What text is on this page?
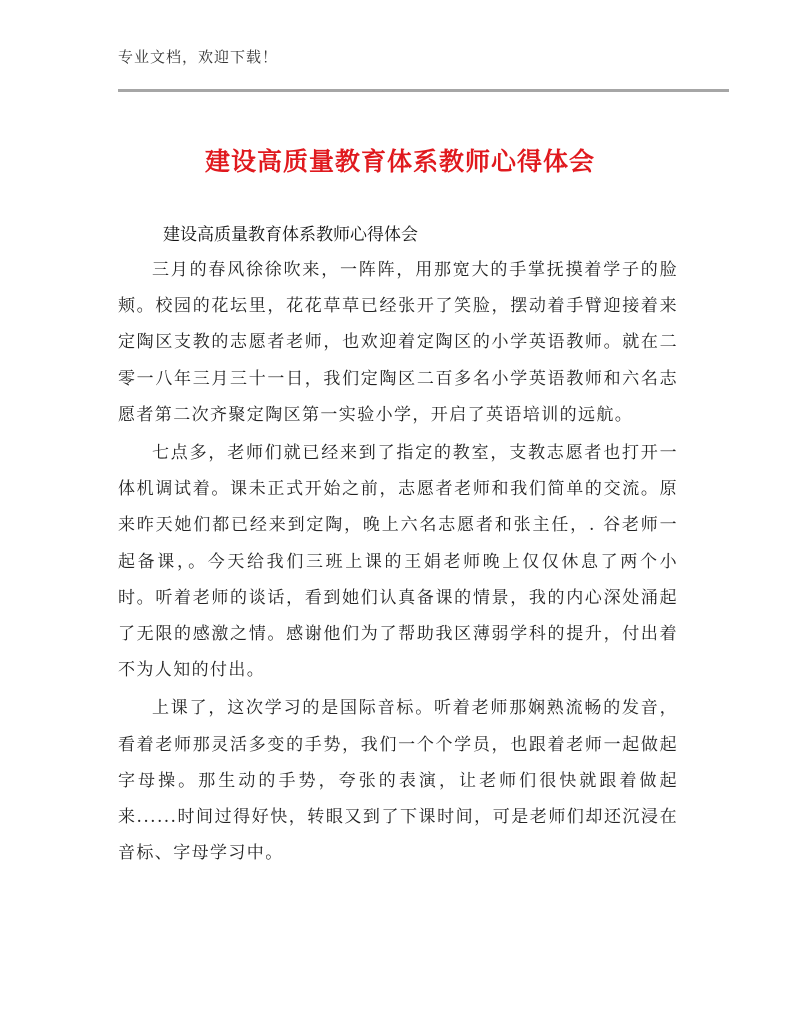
专业文档，欢迎下载！
建设高质量教育体系教师心得体会
建设高质量教育体系教师心得体会

三月的春风徐徐吹来，一阵阵，用那宽大的手掌抚摸着学子的脸颊。校园的花坛里，花花草草已经张开了笑脸，摆动着手臂迎接着来定陶区支教的志愿者老师，也欢迎着定陶区的小学英语教师。就在二零一八年三月三十一日，我们定陶区二百多名小学英语教师和六名志愿者第二次齐聚定陶区第一实验小学，开启了英语培训的远航。

七点多，老师们就已经来到了指定的教室，支教志愿者也打开一体机调试着。课未正式开始之前，志愿者老师和我们简单的交流。原来昨天她们都已经来到定陶，晚上六名志愿者和张主任，. 谷老师一起备课，。今天给我们三班上课的王娟老师晚上仅仅休息了两个小时。听着老师的谈话，看到她们认真备课的情景，我的内心深处涌起了无限的感激之情。感谢他们为了帮助我区薄弱学科的提升，付出着不为人知的付出。

上课了，这次学习的是国际音标。听着老师那娴熟流畅的发音，看着老师那灵活多变的手势，我们一个个学员，也跟着老师一起做起字母操。那生动的手势，夸张的表演，让老师们很快就跟着做起来......时间过得好快，转眼又到了下课时间，可是老师们却还沉浸在音标、字母学习中。
